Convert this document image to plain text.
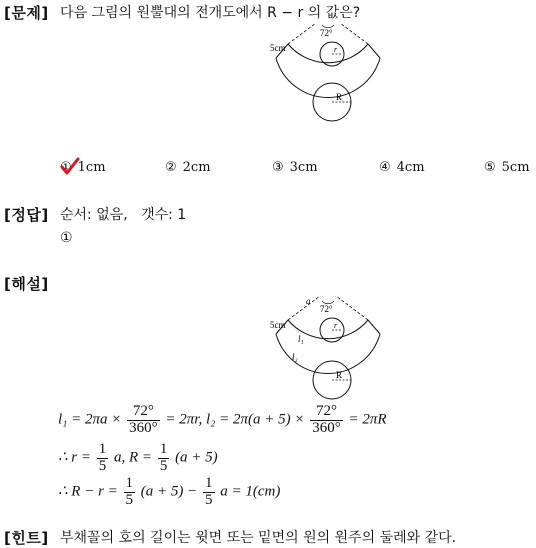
[문제] 다음 그림의 원뿔대의 전개도에서 R − r 의 값은?
72°
r
R
5cm
① 1cm	② 2cm	③ 3cm	④ 4cm	⑤ 5cm
[정답] 순서: 없음,   갯수: 1
①
[해설]
72°
a
r
R
5cm
l₁
l₂
$l_1 = 2\pi a \times \frac{72^\circ}{360^\circ} = 2\pi r$, $l_2 = 2\pi(a + 5) \times \frac{72^\circ}{360^\circ} = 2\pi R$
∴ $r = \frac{1}{5} a$, $R = \frac{1}{5} (a + 5)$
∴ $R - r = \frac{1}{5} (a + 5) - \frac{1}{5}$ a = 1(cm)
[힌트] 부채꼴의 호의 길이는 윗면 또는 밑면의 원의 원주의 둘레와 같다.
